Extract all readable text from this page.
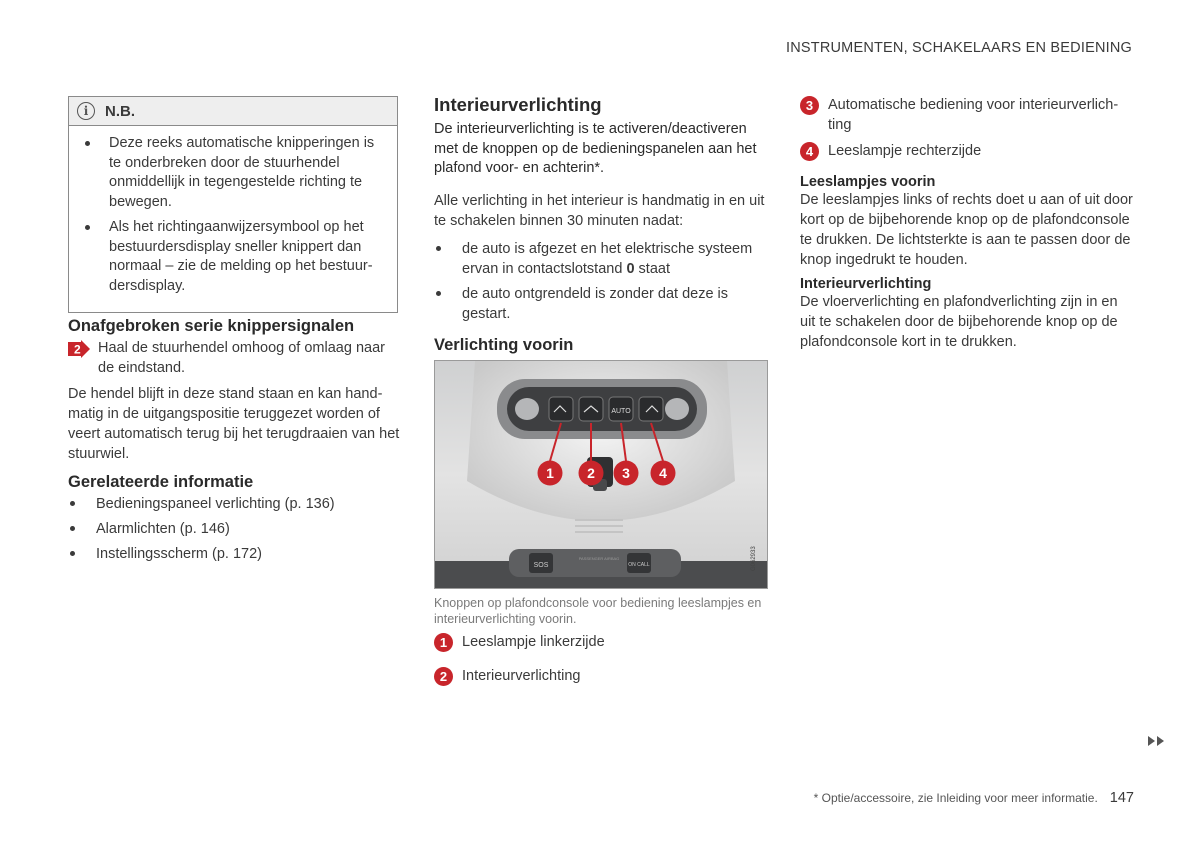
INSTRUMENTEN, SCHAKELAARS EN BEDIENING
i	N.B.
Deze reeks automatische knipperingen is te onderbreken door de stuurhendel onmiddellijk in tegengestelde richting te bewegen.
Als het richtingaanwijzersymbool op het bestuurdersdisplay sneller knippert dan normaal – zie de melding op het bestuurdersdisplay.
Onafgebroken serie knippersignalen
2 Haal de stuurhendel omhoog of omlaag naar de eindstand.

De hendel blijft in deze stand staan en kan handmatig in de uitgangspositie teruggezet worden of veert automatisch terug bij het terugdraaien van het stuurwiel.

Gerelateerde informatie
Bedieningspaneel verlichting (p. 136)
Alarmlichten (p. 146)
Instellingsscherm (p. 172)
Interieurverlichting

De interieurverlichting is te activeren/deactiveren met de knoppen op de bedieningspanelen aan het plafond voor- en achterin*.

Alle verlichting in het interieur is handmatig in en uit te schakelen binnen 30 minuten nadat:

de auto is afgezet en het elektrische systeem ervan in contactslotstand 0 staat
de auto ontgrendeld is zonder dat deze is gestart.
Verlichting voorin
AUTO
SOS
PASSENGER AIRBAG
ON CALL
1 2 3 4
G062933
Knoppen op plafondconsole voor bediening leeslampjes en interieurverlichting voorin.
1	Leeslampje linkerzijde
2	Interieurverlichting
3	Automatische bediening voor interieurverlichting
4	Leeslampje rechterzijde
Leeslampjes voorin

De leeslampjes links of rechts doet u aan of uit door kort op de bijbehorende knop op de plafondconsole te drukken. De lichtsterkte is aan te passen door de knop ingedrukt te houden.

Interieurverlichting

De vloerverlichting en plafondverlichting zijn in en uit te schakelen door de bijbehorende knop op de plafondconsole kort in te drukken.

* Optie/accessoire, zie Inleiding voor meer informatie. 147
